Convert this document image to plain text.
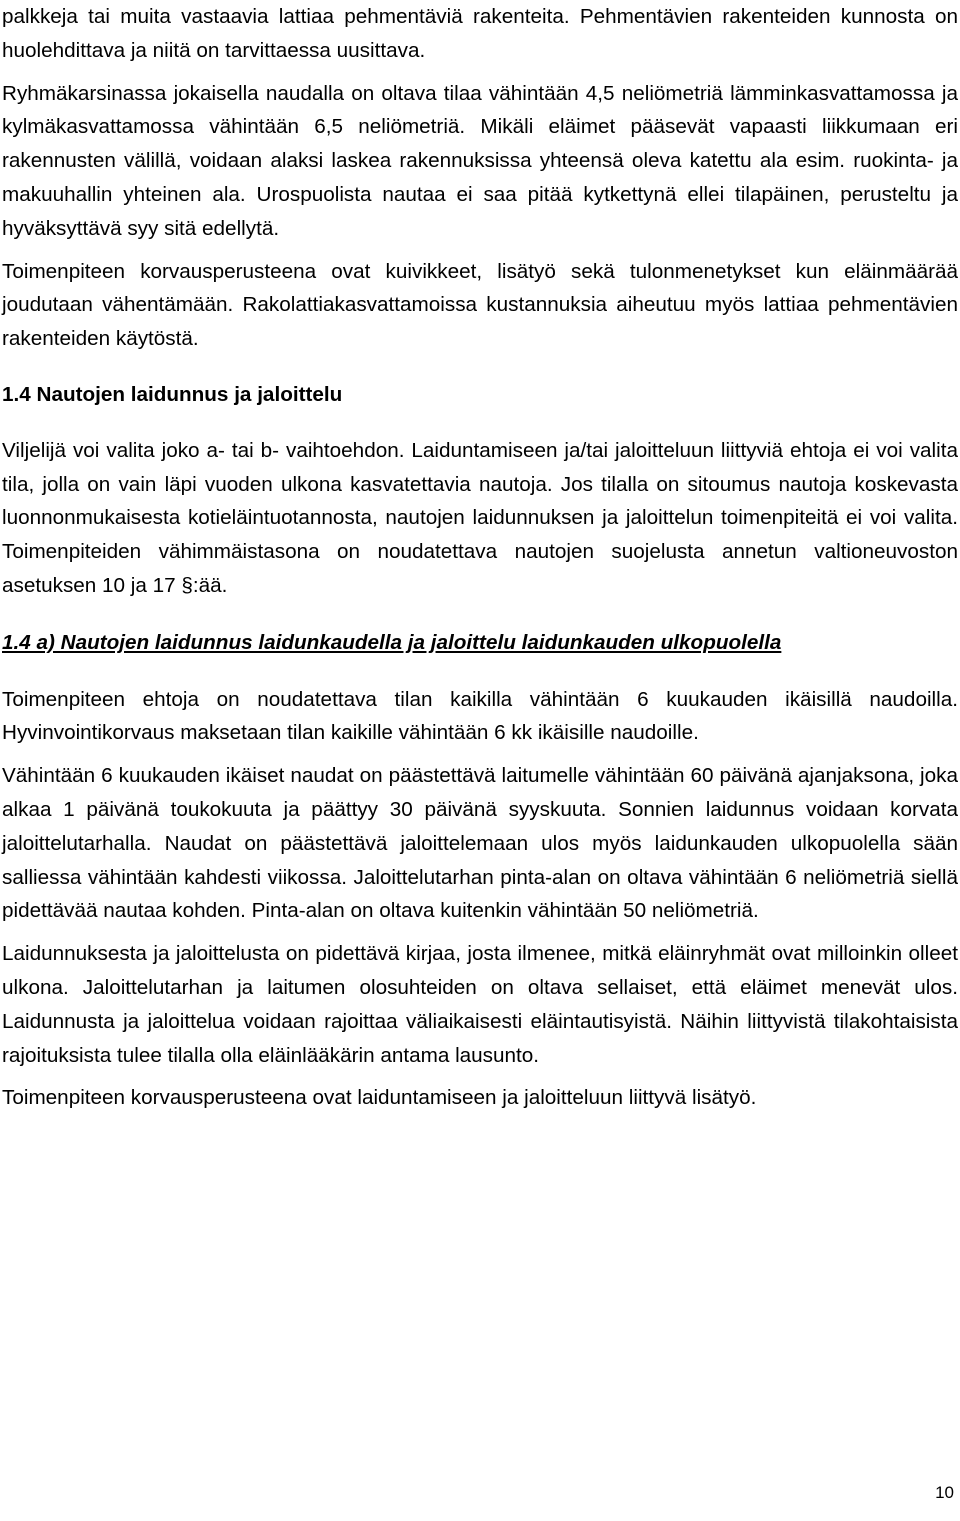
palkkeja tai muita vastaavia lattiaa pehmentäviä rakenteita. Pehmentävien rakenteiden kunnosta on huolehdittava ja niitä on tarvittaessa uusittava.

Ryhmäkarsinassa jokaisella naudalla on oltava tilaa vähintään 4,5 neliömetriä lämminkasvattamossa ja kylmäkasvattamossa vähintään 6,5 neliömetriä. Mikäli eläimet pääsevät vapaasti liikkumaan eri rakennusten välillä, voidaan alaksi laskea rakennuksissa yhteensä oleva katettu ala esim. ruokinta- ja makuuhallin yhteinen ala. Urospuolista nautaa ei saa pitää kytkettynä ellei tilapäinen, perusteltu ja hyväksyttävä syy sitä edellytä.

Toimenpiteen korvausperusteena ovat kuivikkeet, lisätyö sekä tulonmenetykset kun eläinmäärää joudutaan vähentämään. Rakolattiakasvattamoissa kustannuksia aiheutuu myös lattiaa pehmentävien rakenteiden käytöstä.

1.4 Nautojen laidunnus ja jaloittelu

Viljelijä voi valita joko a- tai b- vaihtoehdon. Laiduntamiseen ja/tai jaloitteluun liittyviä ehtoja ei voi valita tila, jolla on vain läpi vuoden ulkona kasvatettavia nautoja. Jos tilalla on sitoumus nautoja koskevasta luonnonmukaisesta kotieläintuotannosta, nautojen laidunnuksen ja jaloittelun toimenpiteitä ei voi valita. Toimenpiteiden vähimmäistasona on noudatettava nautojen suojelusta annetun valtioneuvoston asetuksen 10 ja 17 §:ää.

1.4 a) Nautojen laidunnus laidunkaudella ja jaloittelu laidunkauden ulkopuolella

Toimenpiteen ehtoja on noudatettava tilan kaikilla vähintään 6 kuukauden ikäisillä naudoilla. Hyvinvointikorvaus maksetaan tilan kaikille vähintään 6 kk ikäisille naudoille.

Vähintään 6 kuukauden ikäiset naudat on päästettävä laitumelle vähintään 60 päivänä ajanjaksona, joka alkaa 1 päivänä toukokuuta ja päättyy 30 päivänä syyskuuta. Sonnien laidunnus voidaan korvata jaloittelutarhalla. Naudat on päästettävä jaloittelemaan ulos myös laidunkauden ulkopuolella sään salliessa vähintään kahdesti viikossa. Jaloittelutarhan pinta-alan on oltava vähintään 6 neliömetriä siellä pidettävää nautaa kohden. Pinta-alan on oltava kuitenkin vähintään 50 neliömetriä.

Laidunnuksesta ja jaloittelusta on pidettävä kirjaa, josta ilmenee, mitkä eläinryhmät ovat milloinkin olleet ulkona. Jaloittelutarhan ja laitumen olosuhteiden on oltava sellaiset, että eläimet menevät ulos. Laidunnusta ja jaloittelua voidaan rajoittaa väliaikaisesti eläintautisyistä. Näihin liittyvistä tilakohtaisista rajoituksista tulee tilalla olla eläinlääkärin antama lausunto.

Toimenpiteen korvausperusteena ovat laiduntamiseen ja jaloitteluun liittyvä lisätyö.

10
